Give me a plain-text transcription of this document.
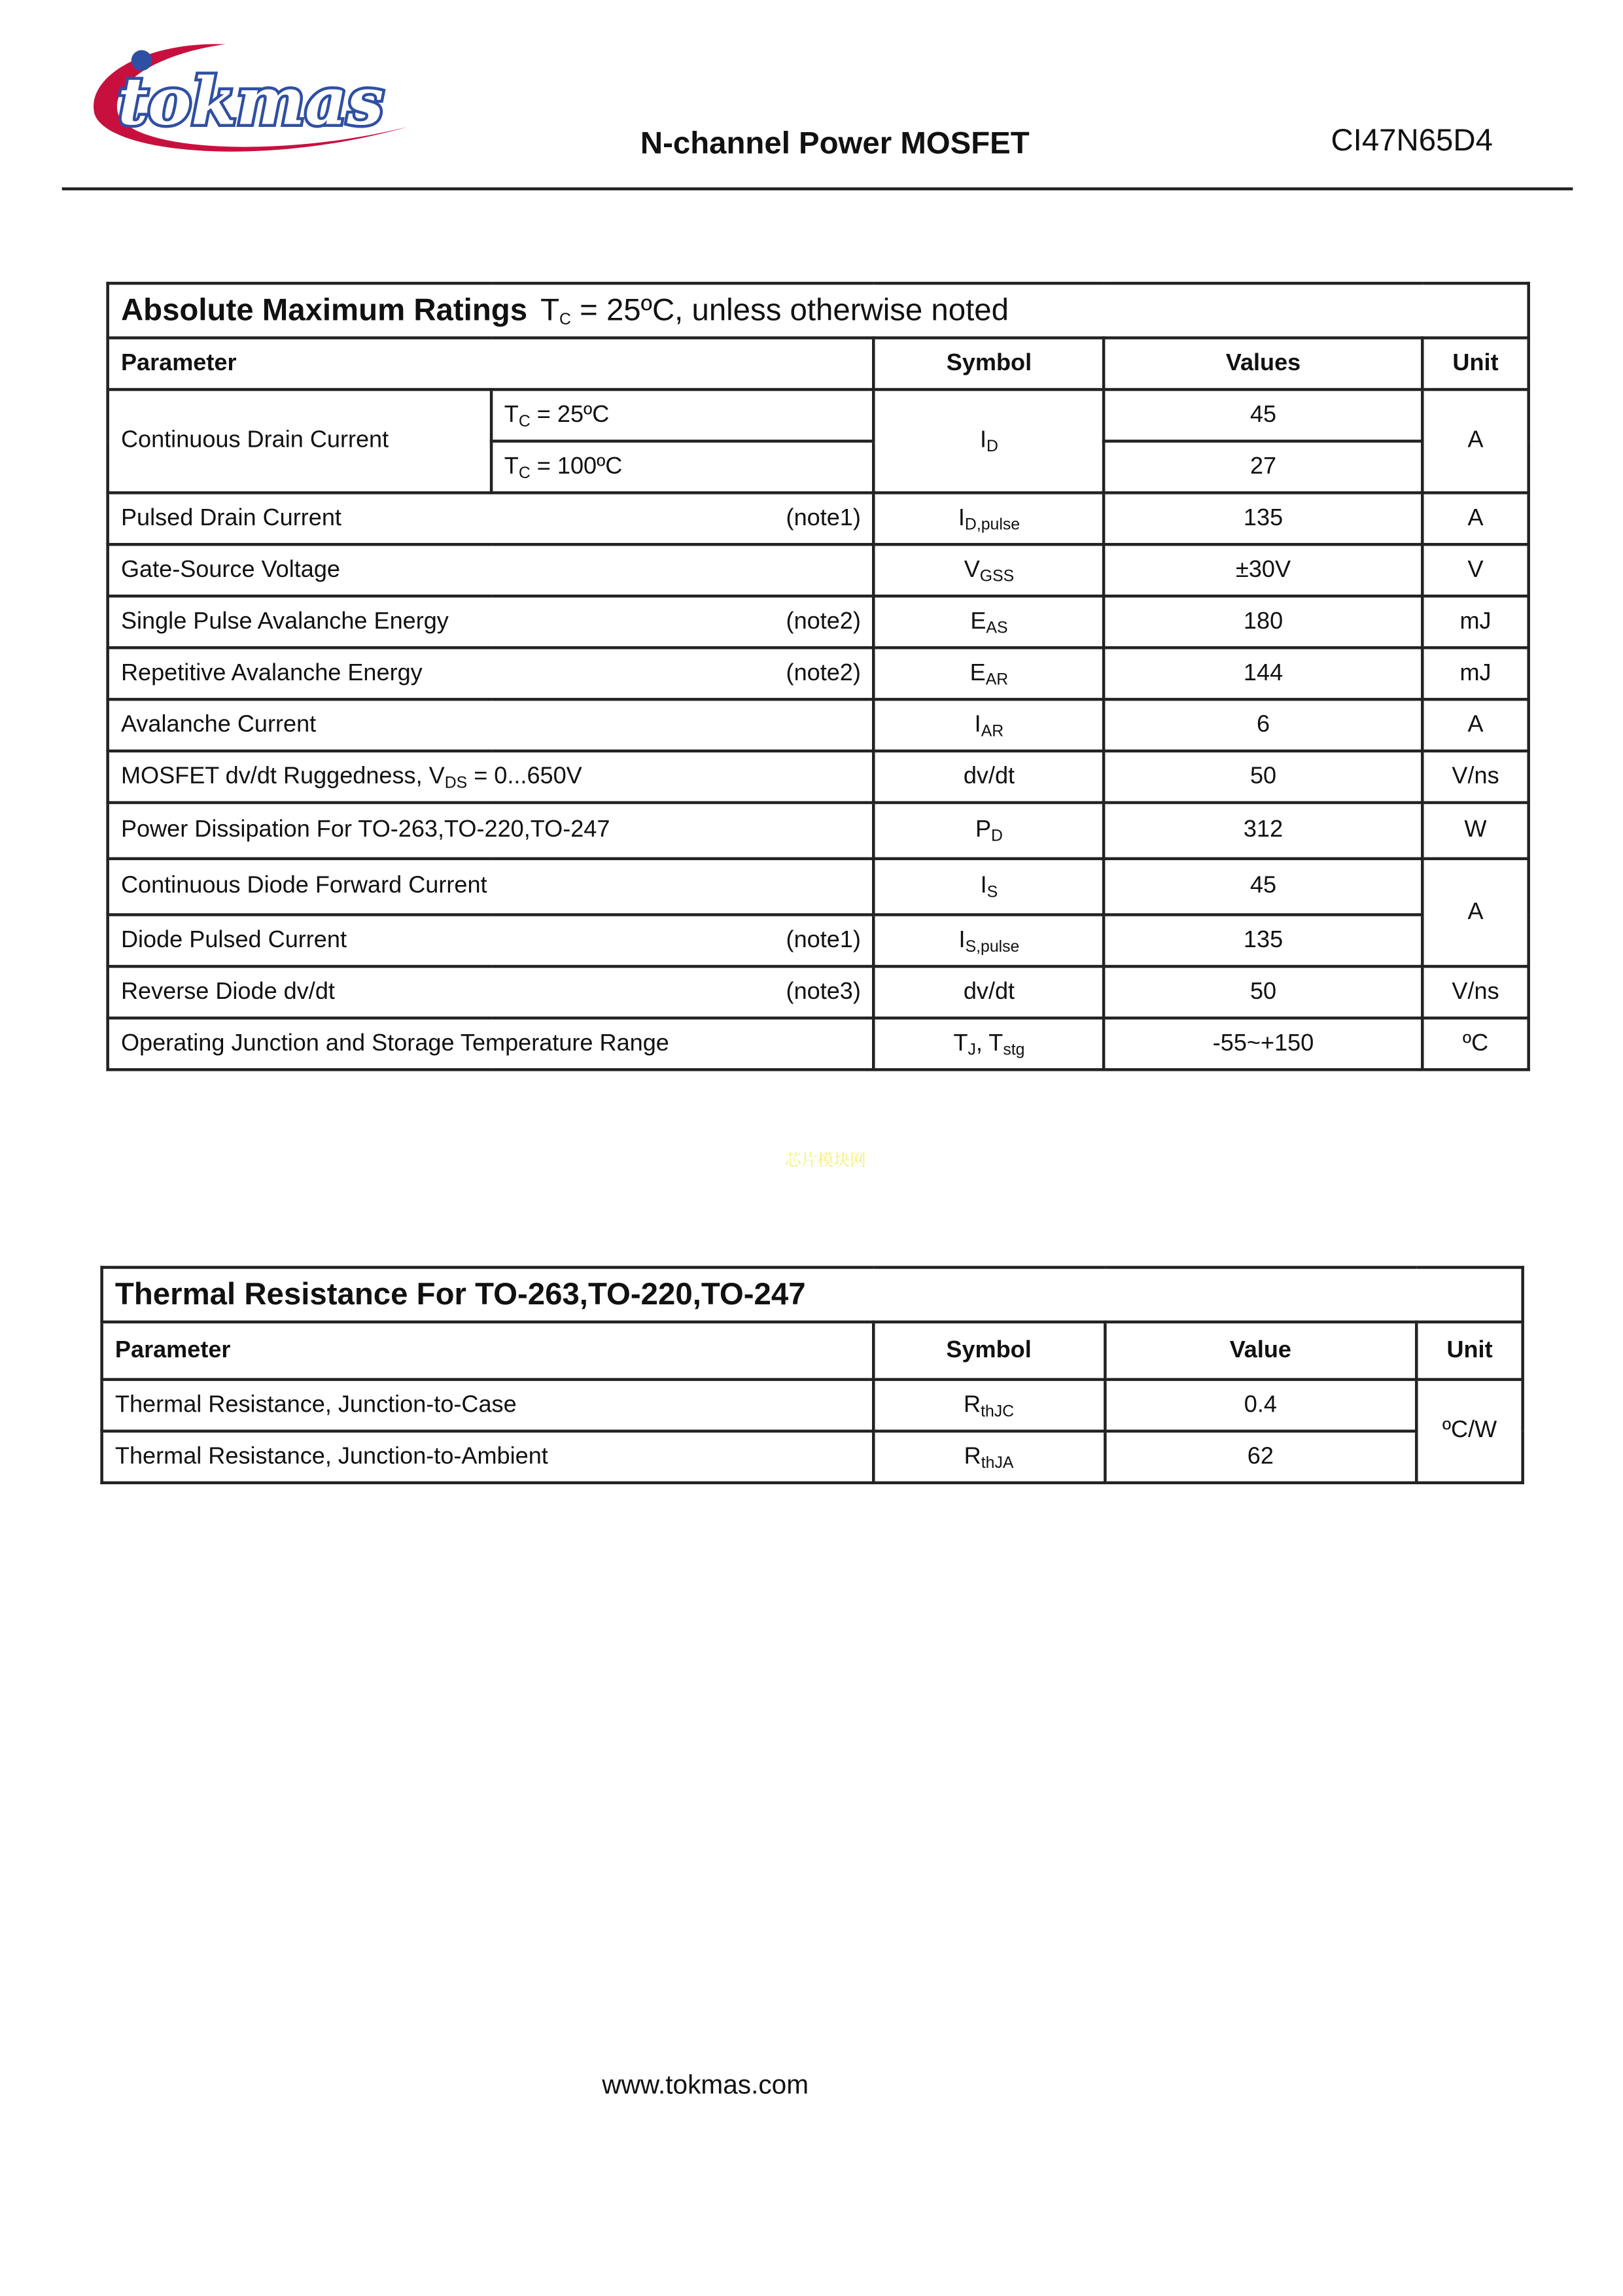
tokmas
N-channel Power MOSFET	CI47N65D4
Absolute Maximum Ratings $T_C$ = 25ºC, unless otherwise noted				
Parameter		Symbol	Values	Unit
Continuous Drain Current	$T_C$ = 25ºC	$I_D$	45	A
	$T_C$ = 100ºC		27	
Pulsed Drain Current (note1)		$I_{D,pulse}$	135	A
Gate-Source Voltage		$V_{GSS}$	±30V	V
Single Pulse Avalanche Energy (note2)		$E_{AS}$	180	mJ
Repetitive Avalanche Energy (note2)		$E_{AR}$	144	mJ
Avalanche Current		$I_{AR}$	6	A
MOSFET dv/dt Ruggedness, $V_{DS} = 0...650V$		dv/dt	50	V/ns
Power Dissipation For TO-263,TO-220,TO-247		$P_D$	312	W
Continuous Diode Forward Current		$I_S$	45	A
Diode Pulsed Current (note1)		$I_{S,pulse}$	135	
Reverse Diode dv/dt (note3)		dv/dt	50	V/ns
Operating Junction and Storage Temperature Range		$T_J$, $T_{stg}$	-55~+150	ºC
芯片模块网
Thermal Resistance For TO-263,TO-220,TO-247			
Parameter	Symbol	Value	Unit
Thermal Resistance, Junction-to-Case	$R_{thJC}$	0.4	ºC/W
Thermal Resistance, Junction-to-Ambient	$R_{thJA}$	62	
www.tokmas.com
